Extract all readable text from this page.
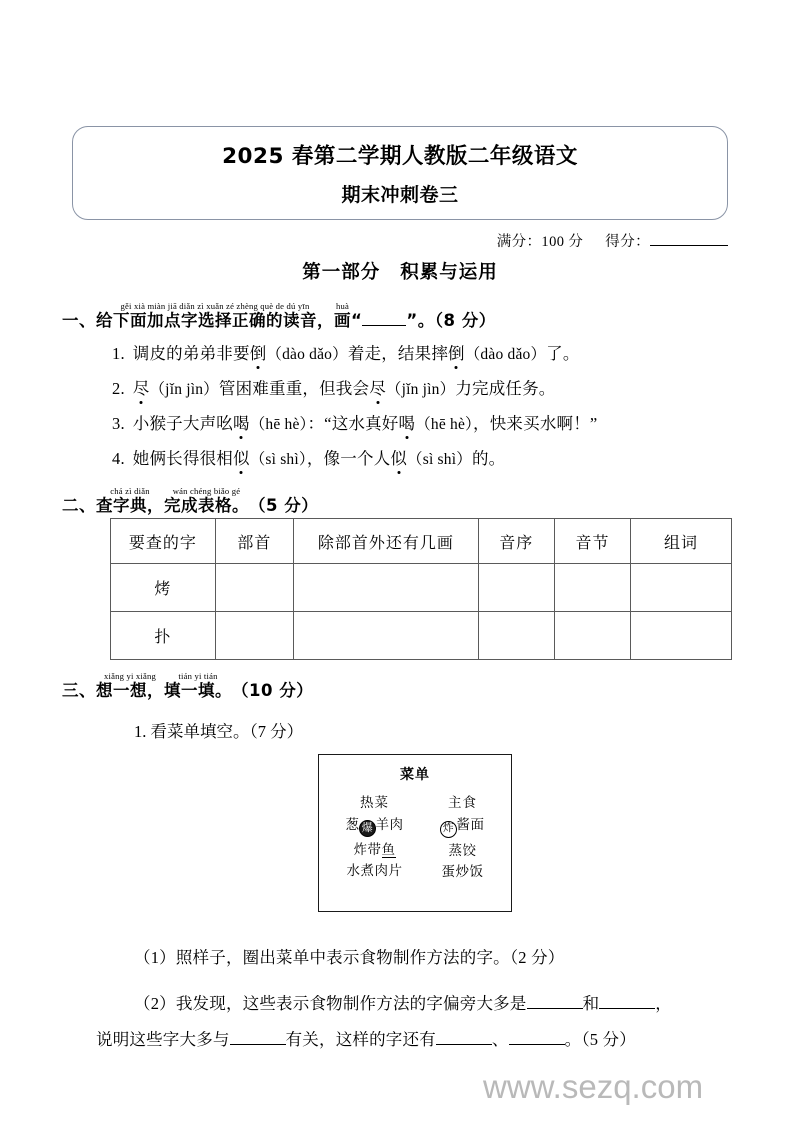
2025 春第二学期人教版二年级语文
期末冲刺卷三
满分：100 分 得分：
第一部分 积累与运用
一、
gěi xià miàn jiā diǎn zì xuǎn zé zhèng què de dú yīn
给下面加点字选择正确的读音，
huà
画 “	”。（8 分）
1. 调皮的弟弟非要倒（dào dǎo）着走，结果摔倒（dào dǎo）了。
2. 尽（jǐn jìn）管困难重重，但我会尽（jǐn jìn）力完成任务。
3. 小猴子大声吆喝（hē hè）：“这水真好喝（hē hè），快来买水啊！”
4. 她俩长得很相似（sì shì），像一个人似（sì shì）的。
二、
chá zì diǎn
查字典，
wán chéng biǎo gé
完成表格。 （5 分）
要查的字	部首	除部首外还有几画	音序	音节	组词
烤					
扑					
三、
xiǎng yi xiǎng
想一想，
tián yi tián
填一填。 （10 分）
1. 看菜单填空。（7 分）
菜单
热菜
葱 爆 羊肉
炸带鱼
水煮肉片
主食
炸 酱面
蒸饺
蛋炒饭
（1）照样子，圈出菜单中表示食物制作方法的字。（2 分）
（2）我发现，这些表示食物制作方法的字偏旁大多是	和	，
说明这些字大多与	有关，这样的字还有	、	。（5 分）
www.sezq.com
